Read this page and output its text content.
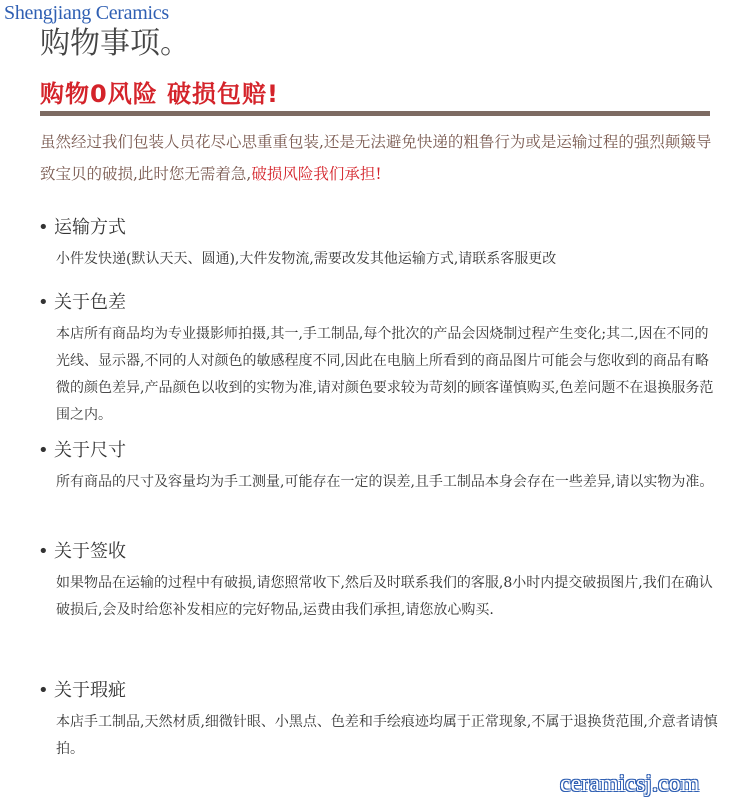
Shengjiang Ceramics
购物事项。
购物0风险 破损包赔!
虽然经过我们包装人员花尽心思重重包装,还是无法避免快递的粗鲁行为或是运输过程的强烈颠簸导致宝贝的破损,此时您无需着急,破损风险我们承担!
• 运输方式
小件发快递(默认天天、圆通),大件发物流,需要改发其他运输方式,请联系客服更改
• 关于色差
本店所有商品均为专业摄影师拍摄,其一,手工制品,每个批次的产品会因烧制过程产生变化;其二,因在不同的光线、显示器,不同的人对颜色的敏感程度不同,因此在电脑上所看到的商品图片可能会与您收到的商品有略微的颜色差异,产品颜色以收到的实物为准,请对颜色要求较为苛刻的顾客谨慎购买,色差问题不在退换服务范围之内。
• 关于尺寸
所有商品的尺寸及容量均为手工测量,可能存在一定的误差,且手工制品本身会存在一些差异,请以实物为准。
• 关于签收
如果物品在运输的过程中有破损,请您照常收下,然后及时联系我们的客服,8小时内提交破损图片,我们在确认破损后,会及时给您补发相应的完好物品,运费由我们承担,请您放心购买.
• 关于瑕疵
本店手工制品,天然材质,细微针眼、小黑点、色差和手绘痕迹均属于正常现象,不属于退换货范围,介意者请慎拍。
ceramicsj.com
